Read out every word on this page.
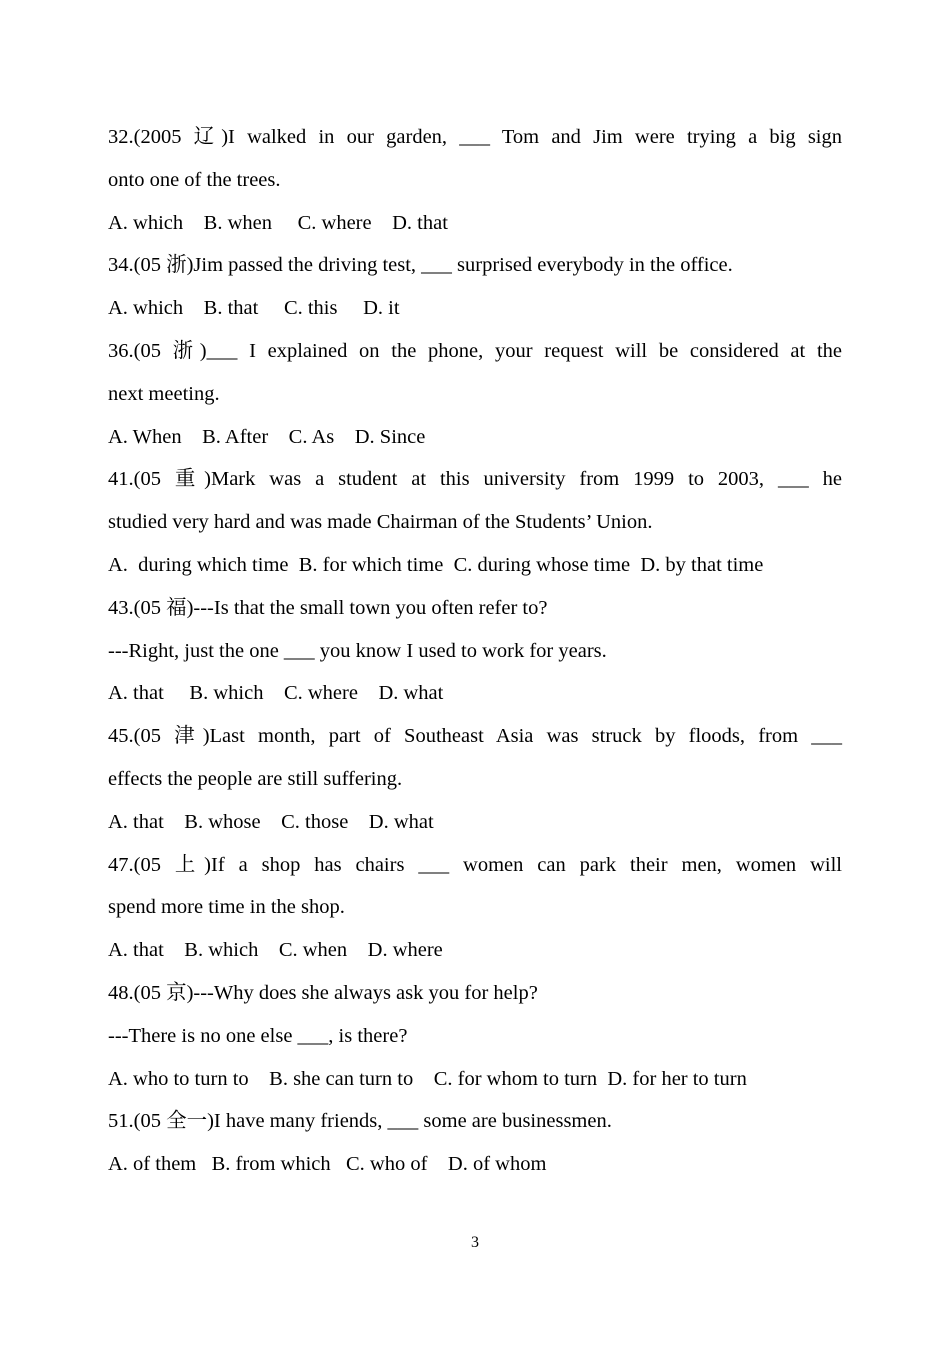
32.(2005 辽)I walked in our garden, ___ Tom and Jim were trying a big sign
onto one of the trees.
A. which    B. when     C. where    D. that
34.(05 浙)Jim passed the driving test, ___ surprised everybody in the office.
A. which    B. that     C. this     D. it
36.(05 浙)___ I explained on the phone, your request will be considered at the
next meeting.
A. When    B. After    C. As    D. Since
41.(05 重)Mark was a student at this university from 1999 to 2003, ___ he
studied very hard and was made Chairman of the Students’ Union.
A.  during which time  B. for which time  C. during whose time  D. by that time
43.(05 福)---Is that the small town you often refer to?
---Right, just the one ___ you know I used to work for years.
A. that     B. which    C. where    D. what
45.(05 津)Last month, part of Southeast Asia was struck by floods, from ___
effects the people are still suffering.
A. that    B. whose    C. those    D. what
47.(05 上)If a shop has chairs ___ women can park their men, women will
spend more time in the shop.
A. that    B. which    C. when    D. where
48.(05 京)---Why does she always ask you for help?
---There is no one else ___, is there?
A. who to turn to    B. she can turn to    C. for whom to turn  D. for her to turn
51.(05 全一)I have many friends, ___ some are businessmen.
A. of them   B. from which   C. who of    D. of whom
3
